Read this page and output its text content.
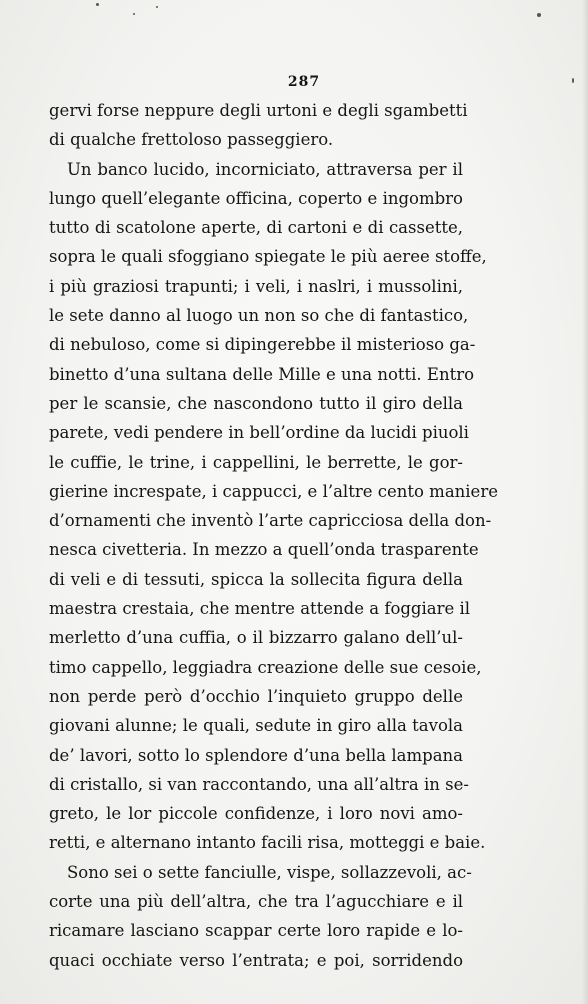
287
gervi forse neppure degli urtoni e degli sgambetti
di qualche frettoloso passeggiero.
Un banco lucido, incorniciato, attraversa per il
lungo quell’elegante officina, coperto e ingombro
tutto di scatolone aperte, di cartoni e di cassette,
sopra le quali sfoggiano spiegate le più aeree stoffe,
i più graziosi trapunti; i veli, i naslri, i mussolini,
le sete danno al luogo un non so che di fantastico,
di nebuloso, come si dipingerebbe il misterioso ga-
binetto d’una sultana delle Mille e una notti. Entro
per le scansie, che nascondono tutto il giro della
parete, vedi pendere in bell’ordine da lucidi piuoli
le cuffie, le trine, i cappellini, le berrette, le gor-
gierine increspate, i cappucci, e l’altre cento maniere
d’ornamenti che inventò l’arte capricciosa della don-
nesca civetteria. In mezzo a quell’onda trasparente
di veli e di tessuti, spicca la sollecita figura della
maestra crestaia, che mentre attende a foggiare il
merletto d’una cuffia, o il bizzarro galano dell’ul-
timo cappello, leggiadra creazione delle sue cesoie,
non perde però d’occhio l’inquieto gruppo delle
giovani alunne; le quali, sedute in giro alla tavola
de’ lavori, sotto lo splendore d’una bella lampana
di cristallo, si van raccontando, una all’altra in se-
greto, le lor piccole confidenze, i loro novi amo-
retti, e alternano intanto facili risa, motteggi e baie.
Sono sei o sette fanciulle, vispe, sollazzevoli, ac-
corte una più dell’altra, che tra l’agucchiare e il
ricamare lasciano scappar certe loro rapide e lo-
quaci occhiate verso l’entrata; e poi, sorridendo
